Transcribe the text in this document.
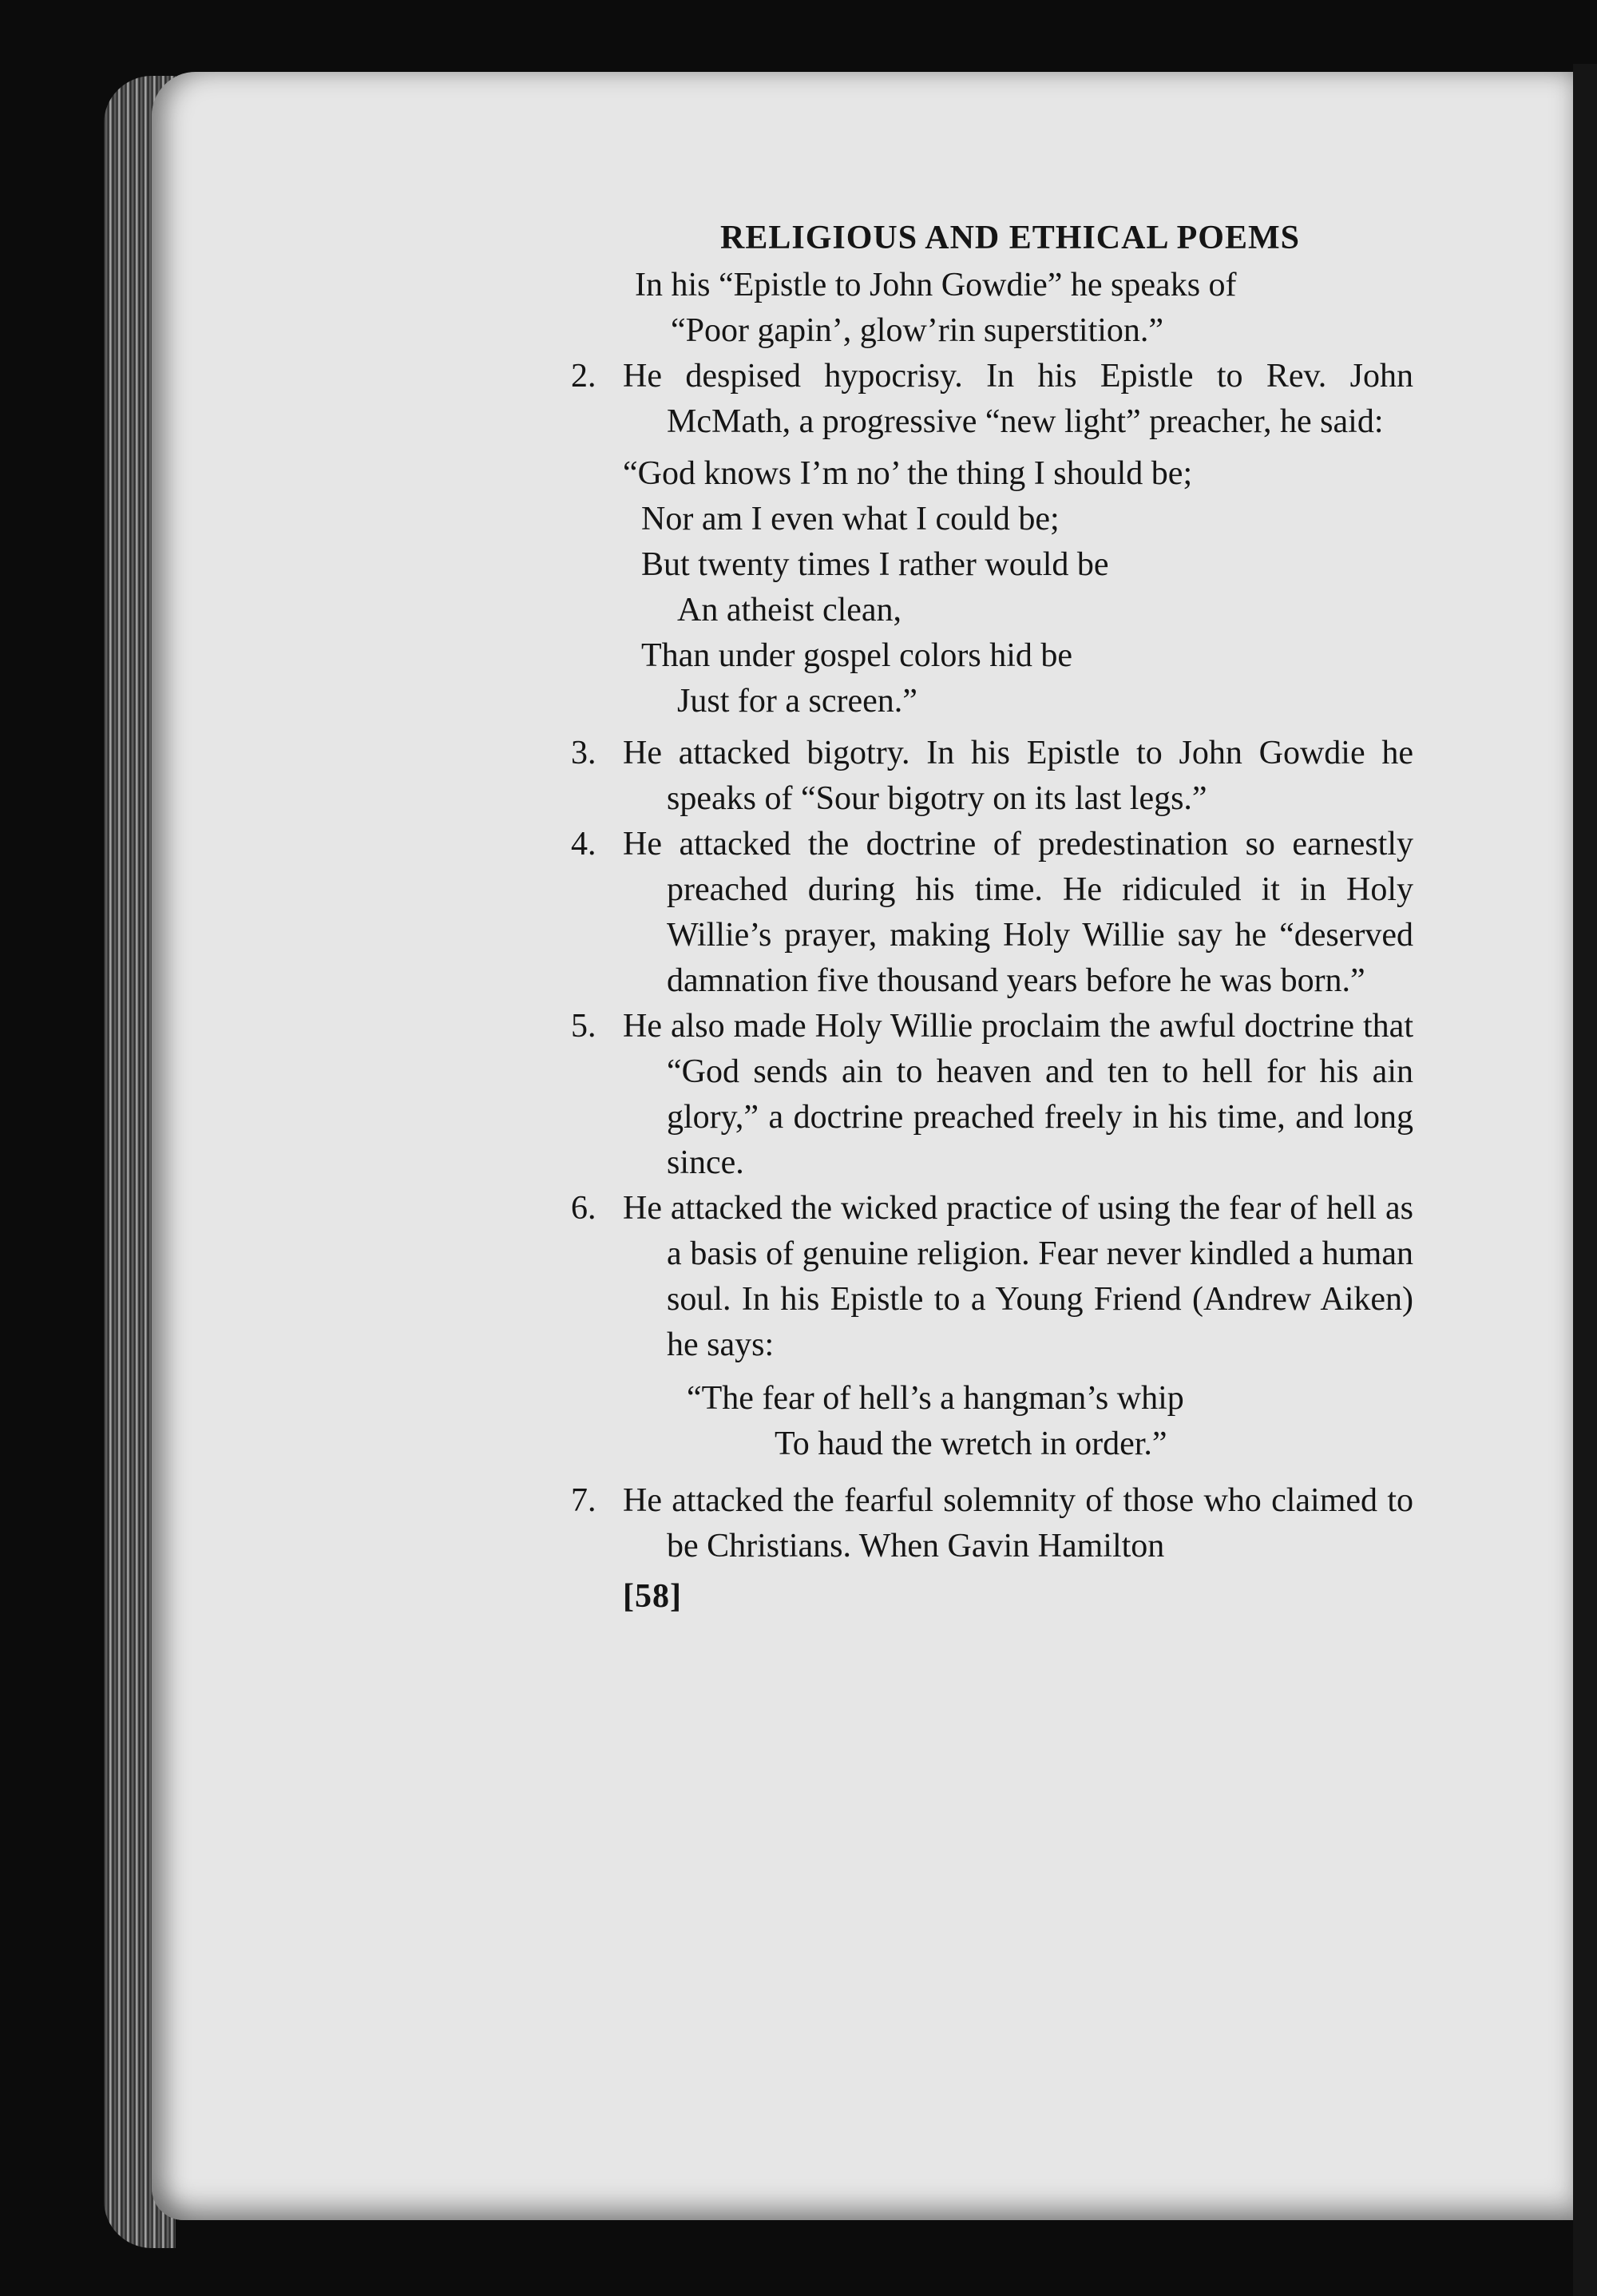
RELIGIOUS AND ETHICAL POEMS
In his “Epistle to John Gowdie” he speaks of
“Poor gapin’, glow’rin superstition.”
2. He despised hypocrisy. In his Epistle to Rev. John McMath, a progressive “new light” preacher, he said:
“God knows I’m no’ the thing I should be;
Nor am I even what I could be;
But twenty times I rather would be
An atheist clean,
Than under gospel colors hid be
Just for a screen.”
3. He attacked bigotry. In his Epistle to John Gowdie he speaks of “Sour bigotry on its last legs.”
4. He attacked the doctrine of predestination so earnestly preached during his time. He ridiculed it in Holy Willie’s prayer, making Holy Willie say he “deserved damnation five thousand years before he was born.”
5. He also made Holy Willie proclaim the awful doctrine that “God sends ain to heaven and ten to hell for his ain glory,” a doctrine preached freely in his time, and long since.
6. He attacked the wicked practice of using the fear of hell as a basis of genuine religion. Fear never kindled a human soul. In his Epistle to a Young Friend (Andrew Aiken) he says:
“The fear of hell’s a hangman’s whip
To haud the wretch in order.”
7. He attacked the fearful solemnity of those who claimed to be Christians. When Gavin Hamilton
[58]
